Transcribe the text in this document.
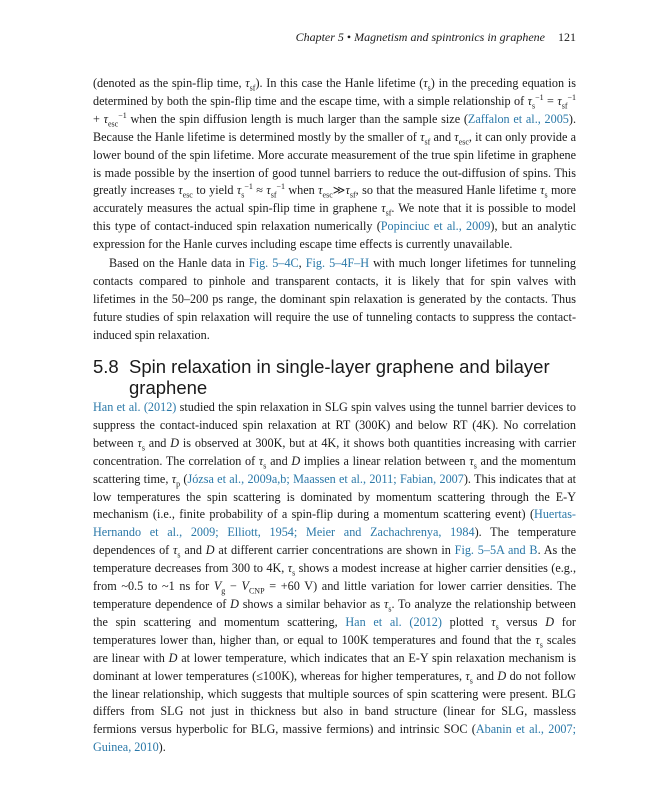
Chapter 5 • Magnetism and spintronics in graphene 121

(denoted as the spin-flip time, $\tau_{sf}$). In this case the Hanle lifetime $(\tau_s)$ in the preceding equation is determined by both the spin-flip time and the escape time, with a simple relationship of $\tau_s^{-1} = \tau_{sf}^{-1} + \tau_{esc}^{-1}$ when the spin diffusion length is much larger than the sample size (Zaffalon et al., 2005). Because the Hanle lifetime is determined mostly by the smaller of $\tau_{sf}$ and $\tau_{esc}$, it can only provide a lower bound of the spin lifetime. More accurate measurement of the true spin lifetime in graphene is made possible by the insertion of good tunnel barriers to reduce the out-diffusion of spins. This greatly increases $\tau_{esc}$ to yield $\tau_s^{-1} \approx \tau_{sf}^{-1}$ when $\tau_{esc}≫\tau_{sf}$, so that the measured Hanle lifetime $\tau_s$ more accurately measures the actual spin-flip time in graphene $\tau_{sf}$. We note that it is possible to model this type of contact-induced spin relaxation numerically (Popinciuc et al., 2009), but an analytic expression for the Hanle curves including escape time effects is currently unavailable.

Based on the Hanle data in Fig. 5–4C, Fig. 5–4F–H with much longer lifetimes for tunneling contacts compared to pinhole and transparent contacts, it is likely that for spin valves with lifetimes in the 50–200 ps range, the dominant spin relaxation is generated by the contacts. Thus future studies of spin relaxation will require the use of tunneling contacts to suppress the contact-induced spin relaxation.

5.8 Spin relaxation in single-layer graphene and bilayer
graphene

Han et al. (2012) studied the spin relaxation in SLG spin valves using the tunnel barrier devices to suppress the contact-induced spin relaxation at RT (300K) and below RT (4K). No correlation between $\tau_s$ and D is observed at 300K, but at 4K, it shows both quantities increasing with carrier concentration. The correlation of $\tau_s$ and D implies a linear relation between $\tau_s$ and the momentum scattering time, $\tau_p$ (Józsa et al., 2009a,b; Maassen et al., 2011; Fabian, 2007). This indicates that at low temperatures the spin scattering is dominated by momentum scattering through the E-Y mechanism (i.e., finite probability of a spin-flip during a momentum scattering event) (Huertas-Hernando et al., 2009; Elliott, 1954; Meier and Zachachrenya, 1984). The temperature dependences of $\tau_s$ and D at different carrier concentrations are shown in Fig. 5–5A and B. As the temperature decreases from 300 to 4K, $\tau_s$ shows a modest increase at higher carrier densities (e.g., from ~0.5 to ~1 ns for $V_g - V_{CNP} = +60$ V) and little variation for lower carrier densities. The temperature dependence of D shows a similar behavior as $\tau_s$. To analyze the relationship between the spin scattering and momentum scattering, Han et al. (2012) plotted $\tau_s$ versus D for temperatures lower than, higher than, or equal to 100K temperatures and found that the $\tau_s$ scales are linear with D at lower temperature, which indicates that an E-Y spin relaxation mechanism is dominant at lower temperatures (≤100K), whereas for higher temperatures, $\tau_s$ and D do not follow the linear relationship, which suggests that multiple sources of spin scattering were present. BLG differs from SLG not just in thickness but also in band structure (linear for SLG, massless fermions versus hyperbolic for BLG, massive fermions) and intrinsic SOC (Abanin et al., 2007; Guinea, 2010).
